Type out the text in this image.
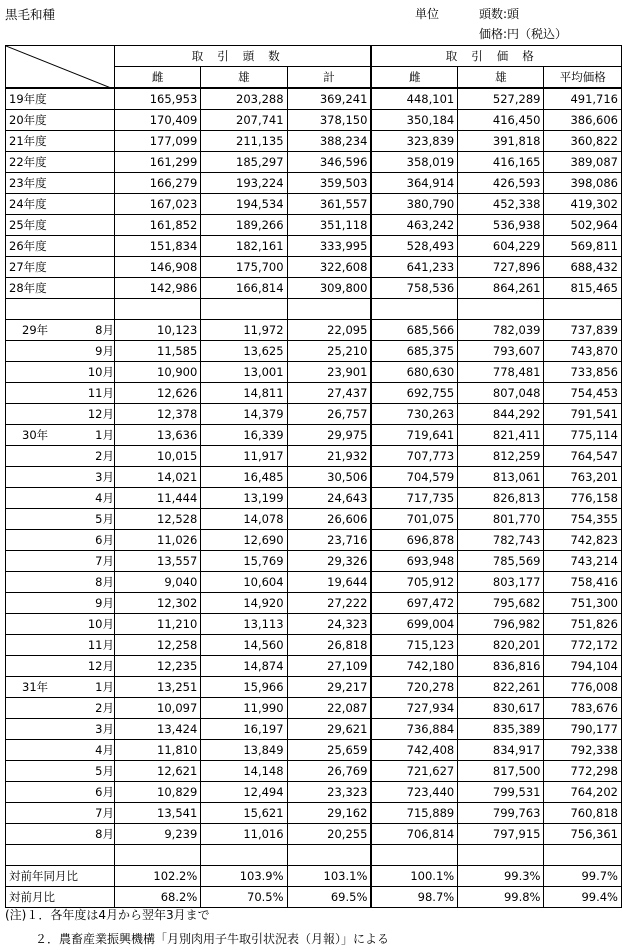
黒毛和種	単位	頭数:頭
価格:円（税込）
	取引頭数			取引価格		
	雌	雄	計	雌	雄	平均価格
19年度	165,953	203,288	369,241	448,101	527,289	491,716
20年度	170,409	207,741	378,150	350,184	416,450	386,606
21年度	177,099	211,135	388,234	323,839	391,818	360,822
22年度	161,299	185,297	346,596	358,019	416,165	389,087
23年度	166,279	193,224	359,503	364,914	426,593	398,086
24年度	167,023	194,534	361,557	380,790	452,338	419,302
25年度	161,852	189,266	351,118	463,242	536,938	502,964
26年度	151,834	182,161	333,995	528,493	604,229	569,811
27年度	146,908	175,700	322,608	641,233	727,896	688,432
28年度	142,986	166,814	309,800	758,536	864,261	815,465

29年 8月	10,123	11,972	22,095	685,566	782,039	737,839
9月	11,585	13,625	25,210	685,375	793,607	743,870
10月	10,900	13,001	23,901	680,630	778,481	733,856
11月	12,626	14,811	27,437	692,755	807,048	754,453
12月	12,378	14,379	26,757	730,263	844,292	791,541
30年 1月	13,636	16,339	29,975	719,641	821,411	775,114
2月	10,015	11,917	21,932	707,773	812,259	764,547
3月	14,021	16,485	30,506	704,579	813,061	763,201
4月	11,444	13,199	24,643	717,735	826,813	776,158
5月	12,528	14,078	26,606	701,075	801,770	754,355
6月	11,026	12,690	23,716	696,878	782,743	742,823
7月	13,557	15,769	29,326	693,948	785,569	743,214
8月	9,040	10,604	19,644	705,912	803,177	758,416
9月	12,302	14,920	27,222	697,472	795,682	751,300
10月	11,210	13,113	24,323	699,004	796,982	751,826
11月	12,258	14,560	26,818	715,123	820,201	772,172
12月	12,235	14,874	27,109	742,180	836,816	794,104
31年 1月	13,251	15,966	29,217	720,278	822,261	776,008
2月	10,097	11,990	22,087	727,934	830,617	783,676
3月	13,424	16,197	29,621	736,884	835,389	790,177
4月	11,810	13,849	25,659	742,408	834,917	792,338
5月	12,621	14,148	26,769	721,627	817,500	772,298
6月	10,829	12,494	23,323	723,440	799,531	764,202
7月	13,541	15,621	29,162	715,889	799,763	760,818
8月	9,239	11,016	20,255	706,814	797,915	756,361

対前年同月比	102.2%	103.9%	103.1%	100.1%	99.3%	99.7%
対前月比	68.2%	70.5%	69.5%	98.7%	99.8%	99.4%
(注)１．各年度は4月から翌年3月まで
２．農畜産業振興機構「月別肉用子牛取引状況表（月報）」による
